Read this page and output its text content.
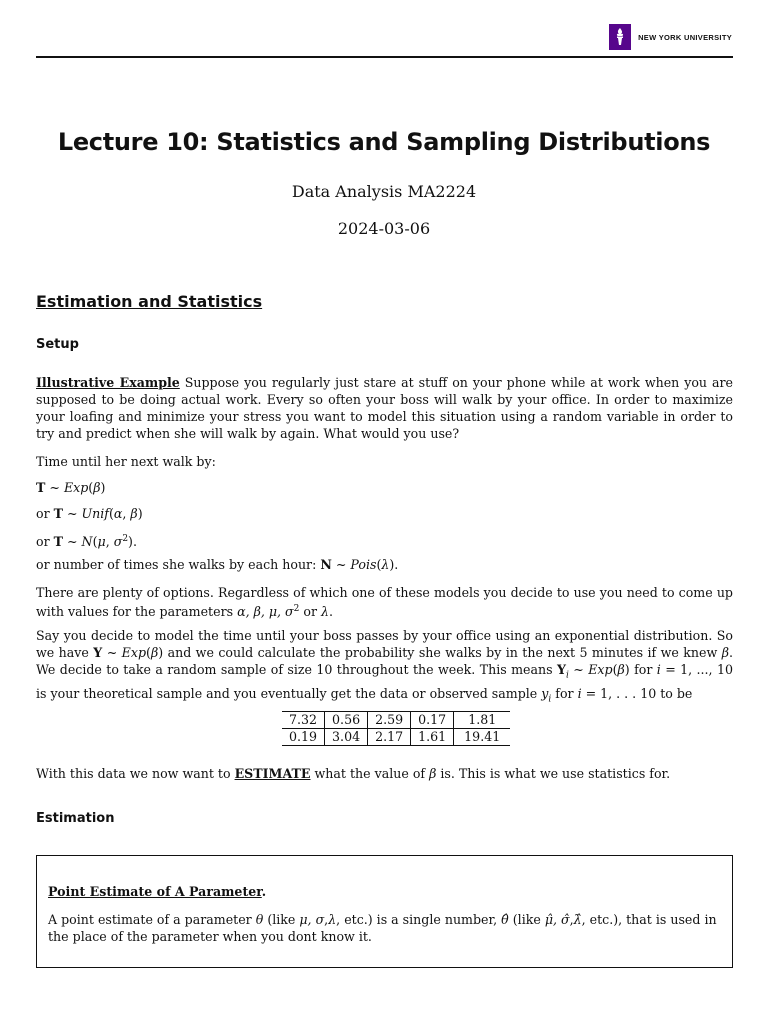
NEW YORK UNIVERSITY
Lecture 10: Statistics and Sampling Distributions
Data Analysis MA2224
2024-03-06
Estimation and Statistics
Setup
Illustrative Example Suppose you regularly just stare at stuff on your phone while at work when you are supposed to be doing actual work. Every so often your boss will walk by your office. In order to maximize your loafing and minimize your stress you want to model this situation using a random variable in order to try and predict when she will walk by again. What would you use?
Time until her next walk by:
T ~ Exp(β)
or T ~ Unif(α, β)
or T ~ N(μ, $\sigma^2$).
or number of times she walks by each hour: N ~ Pois(λ).
There are plenty of options. Regardless of which one of these models you decide to use you need to come up with values for the parameters α, β, μ, $\sigma^2$ or λ.
Say you decide to model the time until your boss passes by your office using an exponential distribution. So we have Y ~ Exp(β) and we could calculate the probability she walks by in the next 5 minutes if we knew β. We decide to take a random sample of size 10 throughout the week. This means $Y_i$ ~ Exp(β) for i = 1, ..., 10 is your theoretical sample and you eventually get the data or observed sample $y_i$ for i = 1, . . . 10 to be
7.32	0.56	2.59	0.17	1.81
0.19	3.04	2.17	1.61	19.41
With this data we now want to ESTIMATE what the value of β is. This is what we use statistics for.
Estimation
Point Estimate of A Parameter.
A point estimate of a parameter θ (like μ, σ,λ, etc.) is a single number, θ̂ (like μ̂, σ̂,λ̂, etc.), that is used in the place of the parameter when you dont know it.
